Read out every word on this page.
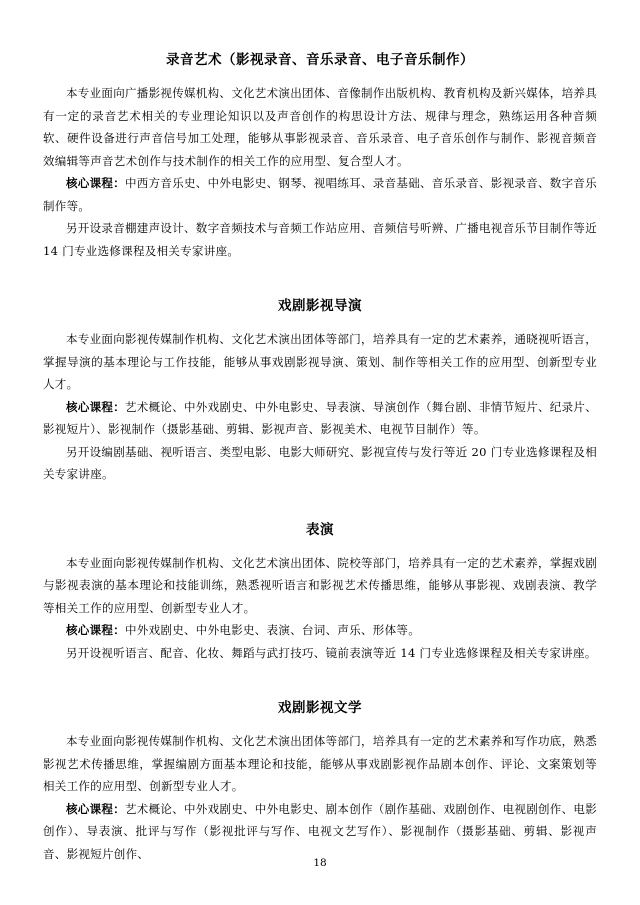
录音艺术（影视录音、音乐录音、电子音乐制作）

本专业面向广播影视传媒机构、文化艺术演出团体、音像制作出版机构、教育机构及新兴媒体，培养具有一定的录音艺术相关的专业理论知识以及声音创作的构思设计方法、规律与理念，熟练运用各种音频软、硬件设备进行声音信号加工处理，能够从事影视录音、音乐录音、电子音乐创作与制作、影视音频音效编辑等声音艺术创作与技术制作的相关工作的应用型、复合型人才。

核心课程：中西方音乐史、中外电影史、钢琴、视唱练耳、录音基础、音乐录音、影视录音、数字音乐制作等。

另开设录音棚建声设计、数字音频技术与音频工作站应用、音频信号听辨、广播电视音乐节目制作等近 14 门专业选修课程及相关专家讲座。

戏剧影视导演

本专业面向影视传媒制作机构、文化艺术演出团体等部门，培养具有一定的艺术素养，通晓视听语言，掌握导演的基本理论与工作技能，能够从事戏剧影视导演、策划、制作等相关工作的应用型、创新型专业人才。

核心课程：艺术概论、中外戏剧史、中外电影史、导表演、导演创作（舞台剧、非情节短片、纪录片、影视短片）、影视制作（摄影基础、剪辑、影视声音、影视美术、电视节目制作）等。

另开设编剧基础、视听语言、类型电影、电影大师研究、影视宣传与发行等近 20 门专业选修课程及相关专家讲座。

表演

本专业面向影视传媒制作机构、文化艺术演出团体、院校等部门，培养具有一定的艺术素养，掌握戏剧与影视表演的基本理论和技能训练，熟悉视听语言和影视艺术传播思维，能够从事影视、戏剧表演、教学等相关工作的应用型、创新型专业人才。

核心课程：中外戏剧史、中外电影史、表演、台词、声乐、形体等。

另开设视听语言、配音、化妆、舞蹈与武打技巧、镜前表演等近 14 门专业选修课程及相关专家讲座。

戏剧影视文学

本专业面向影视传媒制作机构、文化艺术演出团体等部门，培养具有一定的艺术素养和写作功底，熟悉影视艺术传播思维，掌握编剧方面基本理论和技能，能够从事戏剧影视作品剧本创作、评论、文案策划等相关工作的应用型、创新型专业人才。

核心课程：艺术概论、中外戏剧史、中外电影史、剧本创作（剧作基础、戏剧创作、电视剧创作、电影创作）、导表演、批评与写作（影视批评与写作、电视文艺写作）、影视制作（摄影基础、剪辑、影视声音、影视短片创作、

18
